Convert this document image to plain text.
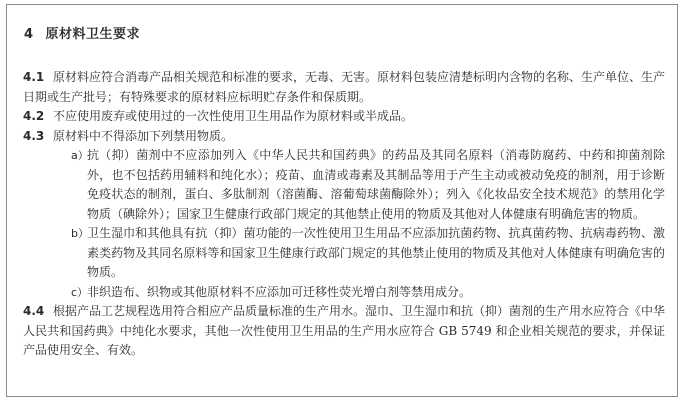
4 原材料卫生要求

4.1 原材料应符合消毒产品相关规范和标准的要求，无毒、无害。原材料包装应清楚标明内含物的名称、生产单位、生产日期或生产批号；有特殊要求的原材料应标明贮存条件和保质期。

4.2 不应使用废弃或使用过的一次性使用卫生用品作为原材料或半成品。

4.3 原材料中不得添加下列禁用物质。

a）
抗（抑）菌剂中不应添加列入《中华人民共和国药典》的药品及其同名原料（消毒防腐药、中药和抑菌剂除外，也不包括药用辅料和纯化水）；疫苗、血清或毒素及其制品等用于产生主动或被动免疫的制剂，用于诊断免疫状态的制剂，蛋白、多肽制剂（溶菌酶、溶葡萄球菌酶除外）；列入《化妆品安全技术规范》的禁用化学物质（碘除外）；国家卫生健康行政部门规定的其他禁止使用的物质及其他对人体健康有明确危害的物质。
b）
卫生湿巾和其他具有抗（抑）菌功能的一次性使用卫生用品不应添加抗菌药物、抗真菌药物、抗病毒药物、激素类药物及其同名原料等和国家卫生健康行政部门规定的其他禁止使用的物质及其他对人体健康有明确危害的物质。
c）
非织造布、织物或其他原材料不应添加可迁移性荧光增白剂等禁用成分。

4.4 根据产品工艺规程选用符合相应产品质量标准的生产用水。湿巾、卫生湿巾和抗（抑）菌剂的生产用水应符合《中华人民共和国药典》中纯化水要求，其他一次性使用卫生用品的生产用水应符合 GB 5749 和企业相关规范的要求，并保证产品使用安全、有效。
